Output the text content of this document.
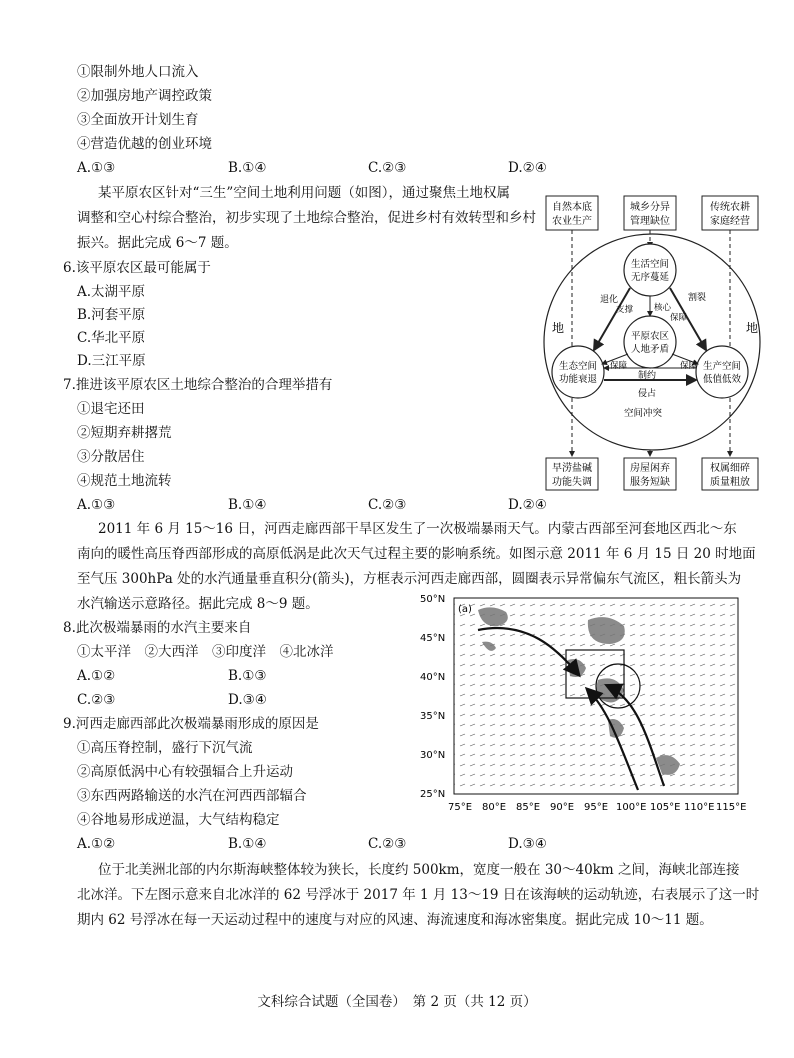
①限制外地人口流入
②加强房地产调控政策
③全面放开计划生育
④营造优越的创业环境
A.①③	B.①④	C.②③	D.②④
某平原农区针对“三生”空间土地利用问题（如图），通过聚焦土地权属
调整和空心村综合整治，初步实现了土地综合整治，促进乡村有效转型和乡村
振兴。据此完成 6～7 题。
6.该平原农区最可能属于
A.太湖平原
B.河套平原
C.华北平原
D.三江平原
7.推进该平原农区土地综合整治的合理举措有
①退宅还田
②短期弃耕撂荒
③分散居住
④规范土地流转
A.①③	B.①④	C.②③	D.②④
自然本底
农业生产
城乡分异
管理缺位
传统农耕
家庭经营
生活空间
无序蔓延
平原农区
人地矛盾
生态空间
功能衰退
生产空间
低值低效
退化	割裂
支撑 核心
保障
保障	保障
制约
侵占
空间冲突
地	地
早涝盐碱
功能失调
房屋闲弃
服务短缺
权属细碎
质量粗放
2011 年 6 月 15～16 日，河西走廊西部干旱区发生了一次极端暴雨天气。内蒙古西部至河套地区西北～东
南向的暖性高压脊西部形成的高原低涡是此次天气过程主要的影响系统。如图示意 2011 年 6 月 15 日 20 时地面
至气压 300hPa 处的水汽通量垂直积分(箭头)，方框表示河西走廊西部，圆圈表示异常偏东气流区，粗长箭头为
水汽输送示意路径。据此完成 8～9 题。
8.此次极端暴雨的水汽主要来自
①太平洋　②大西洋　③印度洋　④北冰洋
A.①②	B.①③
C.②③	D.③④
9.河西走廊西部此次极端暴雨形成的原因是
①高压脊控制，盛行下沉气流
②高原低涡中心有较强辐合上升运动
③东西两路输送的水汽在河西西部辐合
④谷地易形成逆温，大气结构稳定
A.①②	B.①④	C.②③	D.③④
(a)
50°N
45°N
40°N
35°N
30°N
25°N
75°E 80°E 85°E 90°E 95°E 100°E 105°E 110°E 115°E
位于北美洲北部的内尔斯海峡整体较为狭长，长度约 500km，宽度一般在 30～40km 之间，海峡北部连接
北冰洋。下左图示意来自北冰洋的 62 号浮冰于 2017 年 1 月 13～19 日在该海峡的运动轨迹，右表展示了这一时
期内 62 号浮冰在每一天运动过程中的速度与对应的风速、海流速度和海冰密集度。据此完成 10～11 题。
文科综合试题（全国卷）　第 2 页（共 12 页）
